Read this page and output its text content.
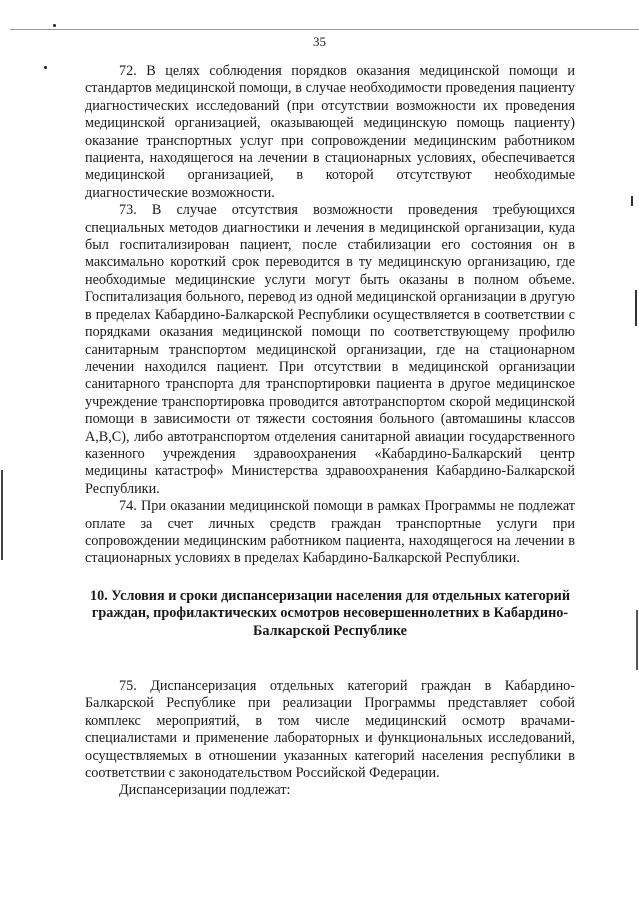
35

72. В целях соблюдения порядков оказания медицинской помощи и стандартов медицинской помощи, в случае необходимости проведения пациенту диагностических исследований (при отсутствии возможности их проведения медицинской организацией, оказывающей медицинскую помощь пациенту) оказание транспортных услуг при сопровождении медицинским работником пациента, находящегося на лечении в стационарных условиях, обеспечивается медицинской организацией, в которой отсутствуют необходимые диагностические возможности.

73. В случае отсутствия возможности проведения требующихся специальных методов диагностики и лечения в медицинской организации, куда был госпитализирован пациент, после стабилизации его состояния он в максимально короткий срок переводится в ту медицинскую организацию, где необходимые медицинские услуги могут быть оказаны в полном объеме. Госпитализация больного, перевод из одной медицинской организации в другую в пределах Кабардино-Балкарской Республики осуществляется в соответствии с порядками оказания медицинской помощи по соответствующему профилю санитарным транспортом медицинской организации, где на стационарном лечении находился пациент. При отсутствии в медицинской организации санитарного транспорта для транспортировки пациента в другое медицинское учреждение транспортировка проводится автотранспортом скорой медицинской помощи в зависимости от тяжести состояния больного (автомашины классов А,В,С), либо автотранспортом отделения санитарной авиации государственного казенного учреждения здравоохранения «Кабардино-Балкарский центр медицины катастроф» Министерства здравоохранения Кабардино-Балкарской Республики.

74. При оказании медицинской помощи в рамках Программы не подлежат оплате за счет личных средств граждан транспортные услуги при сопровождении медицинским работником пациента, находящегося на лечении в стационарных условиях в пределах Кабардино-Балкарской Республики.

10. Условия и сроки диспансеризации населения для отдельных категорий граждан, профилактических осмотров несовершеннолетних в Кабардино-Балкарской Республике

75. Диспансеризация отдельных категорий граждан в Кабардино-Балкарской Республике при реализации Программы представляет собой комплекс мероприятий, в том числе медицинский осмотр врачами-специалистами и применение лабораторных и функциональных исследований, осуществляемых в отношении указанных категорий населения республики в соответствии с законодательством Российской Федерации.

Диспансеризации подлежат:
